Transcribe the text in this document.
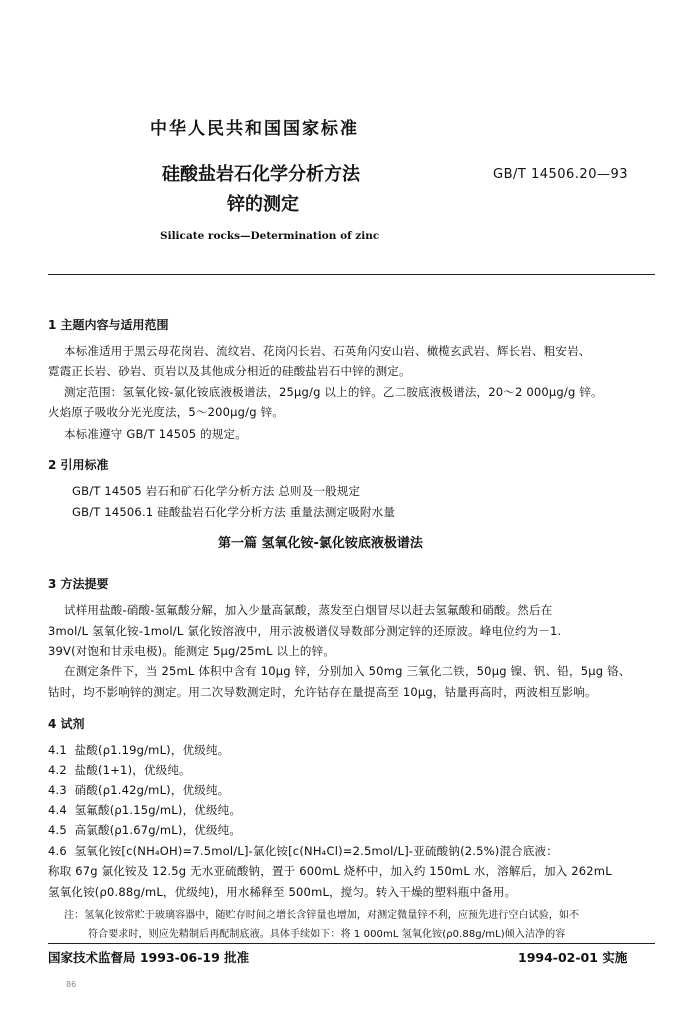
中华人民共和国国家标准
硅酸盐岩石化学分析方法
锌的测定
GB/T 14506.20—93
Silicate rocks—Determination of zinc
1 主题内容与适用范围
本标准适用于黑云母花岗岩、流纹岩、花岗闪长岩、石英角闪安山岩、橄榄玄武岩、辉长岩、粗安岩、
霓霞正长岩、砂岩、页岩以及其他成分相近的硅酸盐岩石中锌的测定。
测定范围：氢氧化铵-氯化铵底液极谱法，25μg/g 以上的锌。乙二胺底液极谱法，20～2 000μg/g 锌。
火焰原子吸收分光光度法，5～200μg/g 锌。
本标准遵守 GB/T 14505 的规定。
2 引用标准
GB/T 14505 岩石和矿石化学分析方法 总则及一般规定
GB/T 14506.1 硅酸盐岩石化学分析方法 重量法测定吸附水量
第一篇 氢氧化铵-氯化铵底液极谱法
3 方法提要
试样用盐酸-硝酸-氢氟酸分解，加入少量高氯酸，蒸发至白烟冒尽以赶去氢氟酸和硝酸。然后在
3mol/L 氢氧化铵-1mol/L 氯化铵溶液中，用示波极谱仪导数部分测定锌的还原波。峰电位约为－1.
39V(对饱和甘汞电极)。能测定 5μg/25mL 以上的锌。
在测定条件下，当 25mL 体积中含有 10μg 锌，分别加入 50mg 三氧化二铁，50μg 镍、钒、铅，5μg 铬、
钴时，均不影响锌的测定。用二次导数测定时，允许钴存在量提高至 10μg，钴量再高时，两波相互影响。
4 试剂
4.1 盐酸(ρ1.19g/mL)，优级纯。
4.2 盐酸(1+1)，优级纯。
4.3 硝酸(ρ1.42g/mL)，优级纯。
4.4 氢氟酸(ρ1.15g/mL)，优级纯。
4.5 高氯酸(ρ1.67g/mL)，优级纯。
4.6 氢氧化铵[c(NH₄OH)=7.5mol/L]-氯化铵[c(NH₄Cl)=2.5mol/L]-亚硫酸钠(2.5%)混合底液：
称取 67g 氯化铵及 12.5g 无水亚硫酸钠，置于 600mL 烧杯中，加入约 150mL 水，溶解后，加入 262mL
氢氧化铵(ρ0.88g/mL，优级纯)，用水稀释至 500mL，搅匀。转入干燥的塑料瓶中备用。
注：氢氧化铵常贮于玻璃容器中，随贮存时间之增长含锌量也增加，对测定微量锌不利，应预先进行空白试验，如不
符合要求时，则应先精制后再配制底液。具体手续如下：将 1 000mL 氢氧化铵(ρ0.88g/mL)倾入洁净的容
国家技术监督局 1993-06-19 批准	1994-02-01 实施
86
